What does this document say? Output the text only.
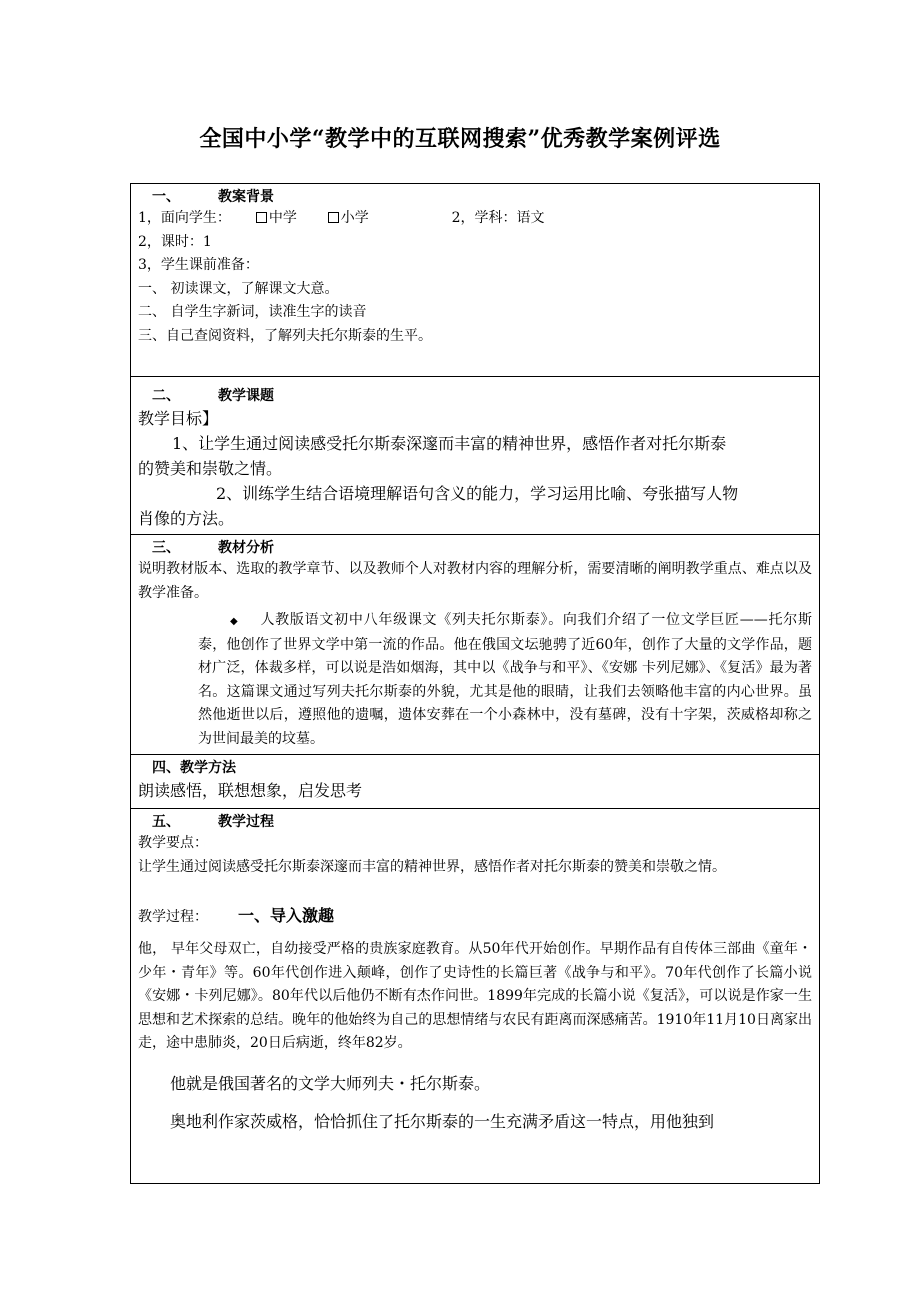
全国中小学“教学中的互联网搜索”优秀教学案例评选
一、	教案背景
1，面向学生：	中学	小学	2，学科：语文
2，课时：1
3，学生课前准备：
一、 初读课文，了解课文大意。
二、 自学生字新词，读准生字的读音
三、自己查阅资料，了解列夫托尔斯泰的生平。

二、	教学课题
教学目标】
1、让学生通过阅读感受托尔斯泰深邃而丰富的精神世界，感悟作者对托尔斯泰
的赞美和崇敬之情。
2、训练学生结合语境理解语句含义的能力，学习运用比喻、夸张描写人物
肖像的方法。

三、	教材分析
说明教材版本、选取的教学章节、以及教师个人对教材内容的理解分析，需要清晰的阐明教学重点、难点以及教学准备。
◆ 人教版语文初中八年级课文《列夫托尔斯泰》。向我们介绍了一位文学巨匠——托尔斯泰，他创作了世界文学中第一流的作品。他在俄国文坛驰骋了近60年，创作了大量的文学作品，题材广泛，体裁多样，可以说是浩如烟海，其中以《战争与和平》、《安娜 卡列尼娜》、《复活》最为著名。这篇课文通过写列夫托尔斯泰的外貌，尤其是他的眼睛，让我们去领略他丰富的内心世界。虽然他逝世以后，遵照他的遗嘱，遗体安葬在一个小森林中，没有墓碑，没有十字架，茨威格却称之为世间最美的坟墓。

四、教学方法
朗读感悟，联想想象，启发思考

五、	教学过程
教学要点：
让学生通过阅读感受托尔斯泰深邃而丰富的精神世界，感悟作者对托尔斯泰的赞美和崇敬之情。
教学过程： 一、导入激趣
他， 早年父母双亡，自幼接受严格的贵族家庭教育。从50年代开始创作。早期作品有自传体三部曲《童年・少年・青年》等。60年代创作进入颠峰，创作了史诗性的长篇巨著《战争与和平》。70年代创作了长篇小说《安娜・卡列尼娜》。80年代以后他仍不断有杰作问世。1899年完成的长篇小说《复活》，可以说是作家一生思想和艺术探索的总结。晚年的他始终为自己的思想情绪与农民有距离而深感痛苦。1910年11月10日离家出走，途中患肺炎，20日后病逝，终年82岁。
他就是俄国著名的文学大师列夫・托尔斯泰。
奥地利作家茨威格，恰恰抓住了托尔斯泰的一生充满矛盾这一特点，用他独到
